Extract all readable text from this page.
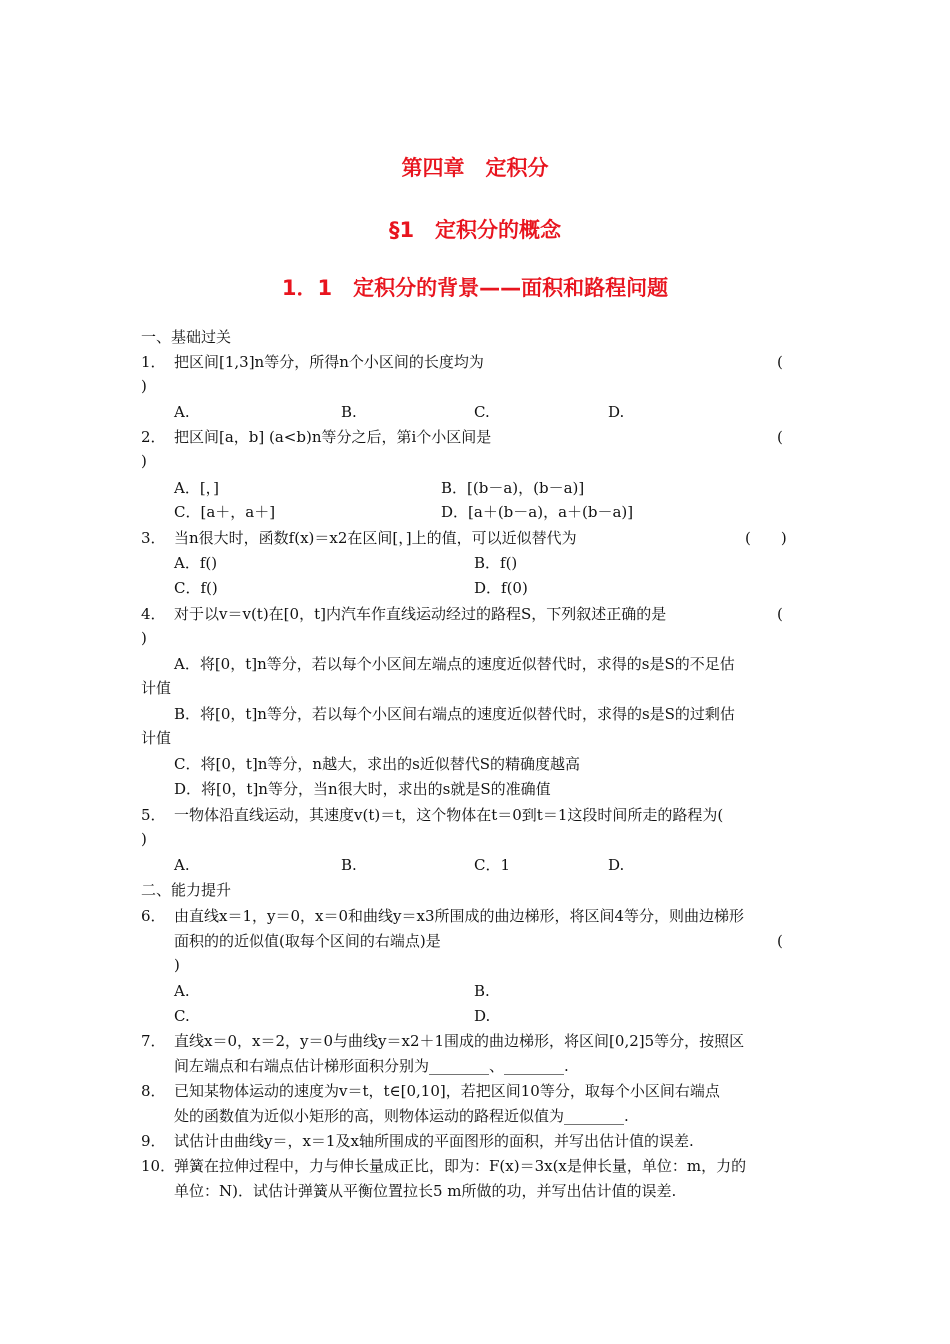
第四章　定积分
§1　定积分的概念
1．1　定积分的背景——面积和路程问题
一、基础过关
1． 把区间[1,3]n等分，所得n个小区间的长度均为	(
)
A.	B.	C.	D.
2． 把区间[a，b] (a<b)n等分之后，第i个小区间是	(
)
A．[，]	B．[(b－a)，(b－a)]
C．[a＋，a＋]	D．[a＋(b－a)，a＋(b－a)]
3． 当n很大时，函数f(x)＝x2在区间[，]上的值，可以近似替代为	(　　)
A．f()	B．f()
C．f()	D．f(0)
4． 对于以v＝v(t)在[0，t]内汽车作直线运动经过的路程S，下列叙述正确的是	(
)
A．将[0，t]n等分，若以每个小区间左端点的速度近似替代时，求得的s是S的不足估
计值
B．将[0，t]n等分，若以每个小区间右端点的速度近似替代时，求得的s是S的过剩估
计值
C．将[0，t]n等分，n越大，求出的s近似替代S的精确度越高
D．将[0，t]n等分，当n很大时，求出的s就是S的准确值
5． 一物体沿直线运动，其速度v(t)＝t，这个物体在t＝0到t＝1这段时间所走的路程为(
)
A.	B.	C．1	D.
二、能力提升
6． 由直线x＝1，y＝0，x＝0和曲线y＝x3所围成的曲边梯形，将区间4等分，则曲边梯形
面积的的近似值(取每个区间的右端点)是	(
)
A.	B.
C.	D.
7． 直线x＝0，x＝2，y＝0与曲线y＝x2＋1围成的曲边梯形，将区间[0,2]5等分，按照区
间左端点和右端点估计梯形面积分别为________、________.
8． 已知某物体运动的速度为v＝t，t∈[0,10]，若把区间10等分，取每个小区间右端点
处的函数值为近似小矩形的高，则物体运动的路程近似值为________.
9． 试估计由曲线y＝，x＝1及x轴所围成的平面图形的面积，并写出估计值的误差.
10．
弹簧在拉伸过程中，力与伸长量成正比，即为：F(x)＝3x(x是伸长量，单位：m，力的
单位：N)．试估计弹簧从平衡位置拉长5 m所做的功，并写出估计值的误差.
